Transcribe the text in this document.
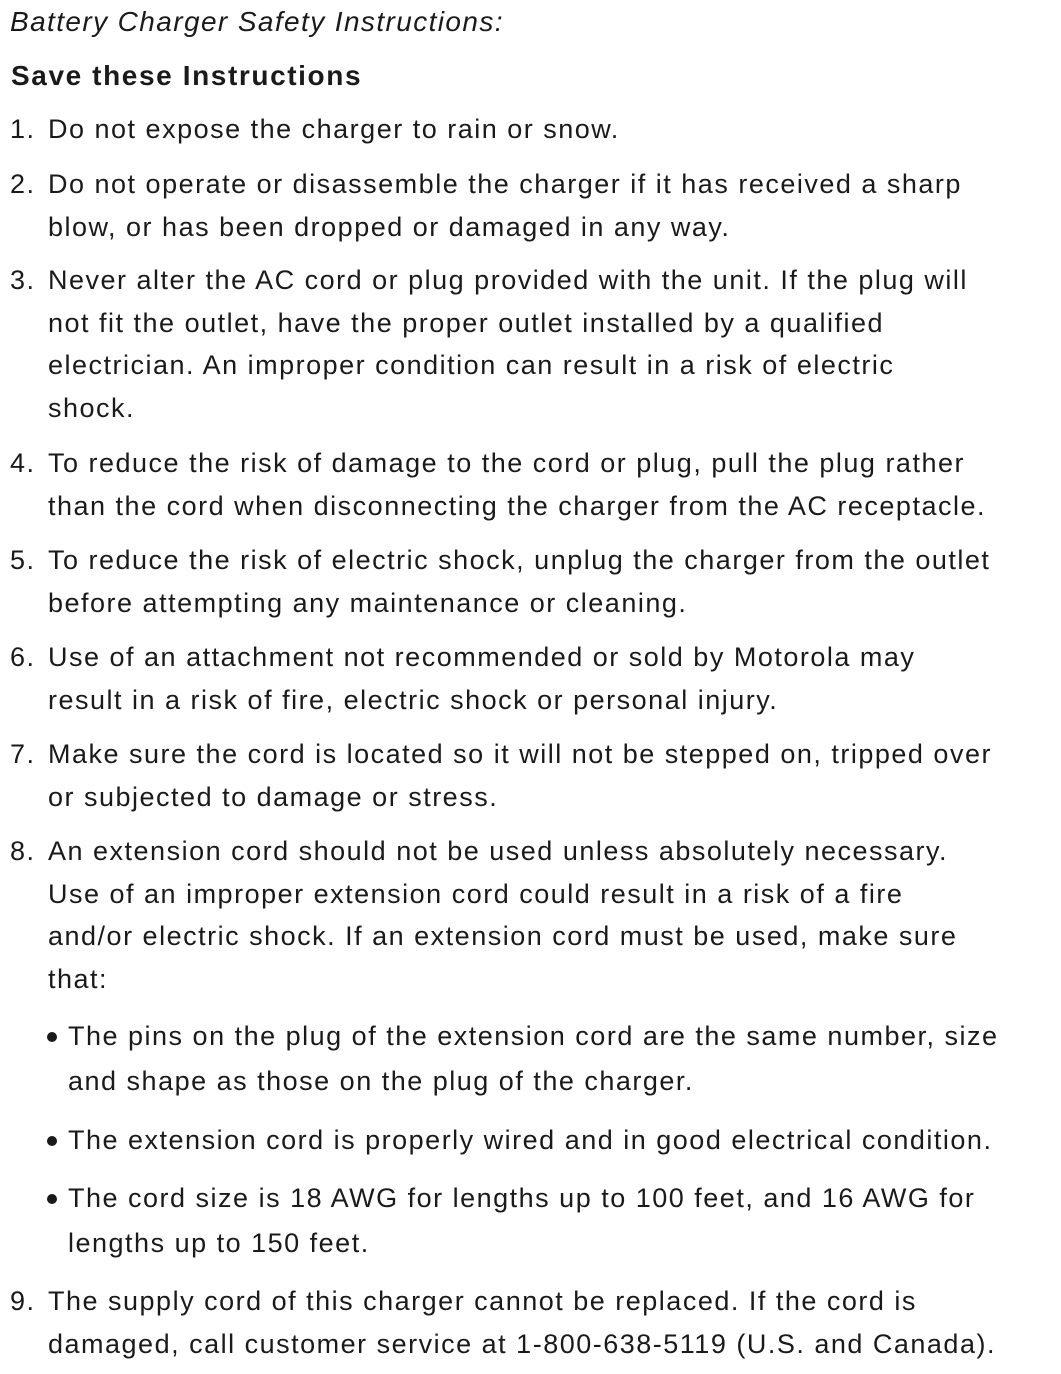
Battery Charger Safety Instructions:
Save these Instructions
1. Do not expose the charger to rain or snow.
2. Do not operate or disassemble the charger if it has received a sharp
blow, or has been dropped or damaged in any way.
3. Never alter the AC cord or plug provided with the unit. If the plug will
not fit the outlet, have the proper outlet installed by a qualified
electrician. An improper condition can result in a risk of electric
shock.
4. To reduce the risk of damage to the cord or plug, pull the plug rather
than the cord when disconnecting the charger from the AC receptacle.
5. To reduce the risk of electric shock, unplug the charger from the outlet
before attempting any maintenance or cleaning.
6. Use of an attachment not recommended or sold by Motorola may
result in a risk of fire, electric shock or personal injury.
7. Make sure the cord is located so it will not be stepped on, tripped over
or subjected to damage or stress.
8. An extension cord should not be used unless absolutely necessary.
Use of an improper extension cord could result in a risk of a fire
and/or electric shock. If an extension cord must be used, make sure
that:
The pins on the plug of the extension cord are the same number, size
and shape as those on the plug of the charger.
The extension cord is properly wired and in good electrical condition.
The cord size is 18 AWG for lengths up to 100 feet, and 16 AWG for
lengths up to 150 feet.
9. The supply cord of this charger cannot be replaced. If the cord is
damaged, call customer service at 1-800-638-5119 (U.S. and Canada).
